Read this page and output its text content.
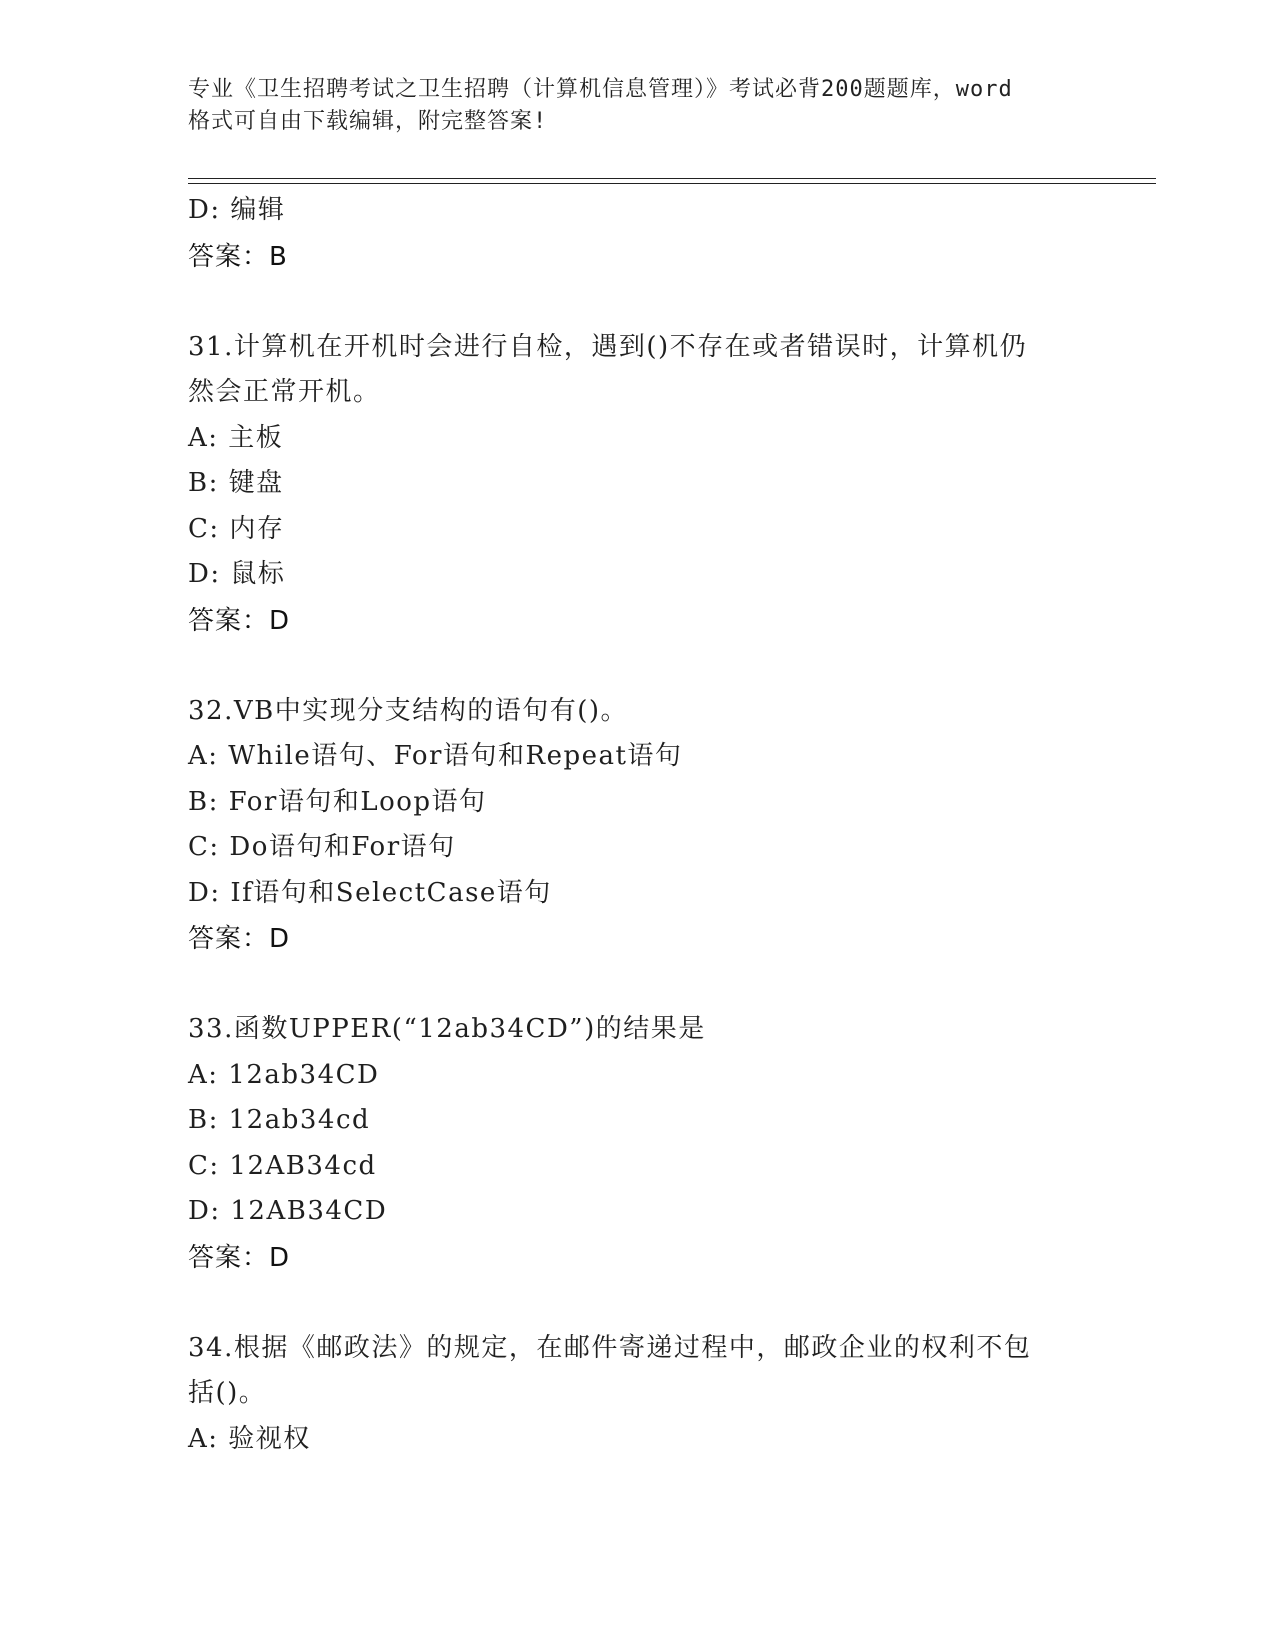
专业《卫生招聘考试之卫生招聘（计算机信息管理）》考试必背200题题库，word
格式可自由下载编辑，附完整答案!
D: 编辑
答案：B
31.计算机在开机时会进行自检，遇到()不存在或者错误时，计算机仍
然会正常开机。
A: 主板
B: 键盘
C: 内存
D: 鼠标
答案：D
32.VB中实现分支结构的语句有()。
A: While语句、For语句和Repeat语句
B: For语句和Loop语句
C: Do语句和For语句
D: If语句和SelectCase语句
答案：D
33.函数UPPER(“12ab34CD”)的结果是
A: 12ab34CD
B: 12ab34cd
C: 12AB34cd
D: 12AB34CD
答案：D
34.根据《邮政法》的规定，在邮件寄递过程中，邮政企业的权利不包
括()。
A: 验视权
